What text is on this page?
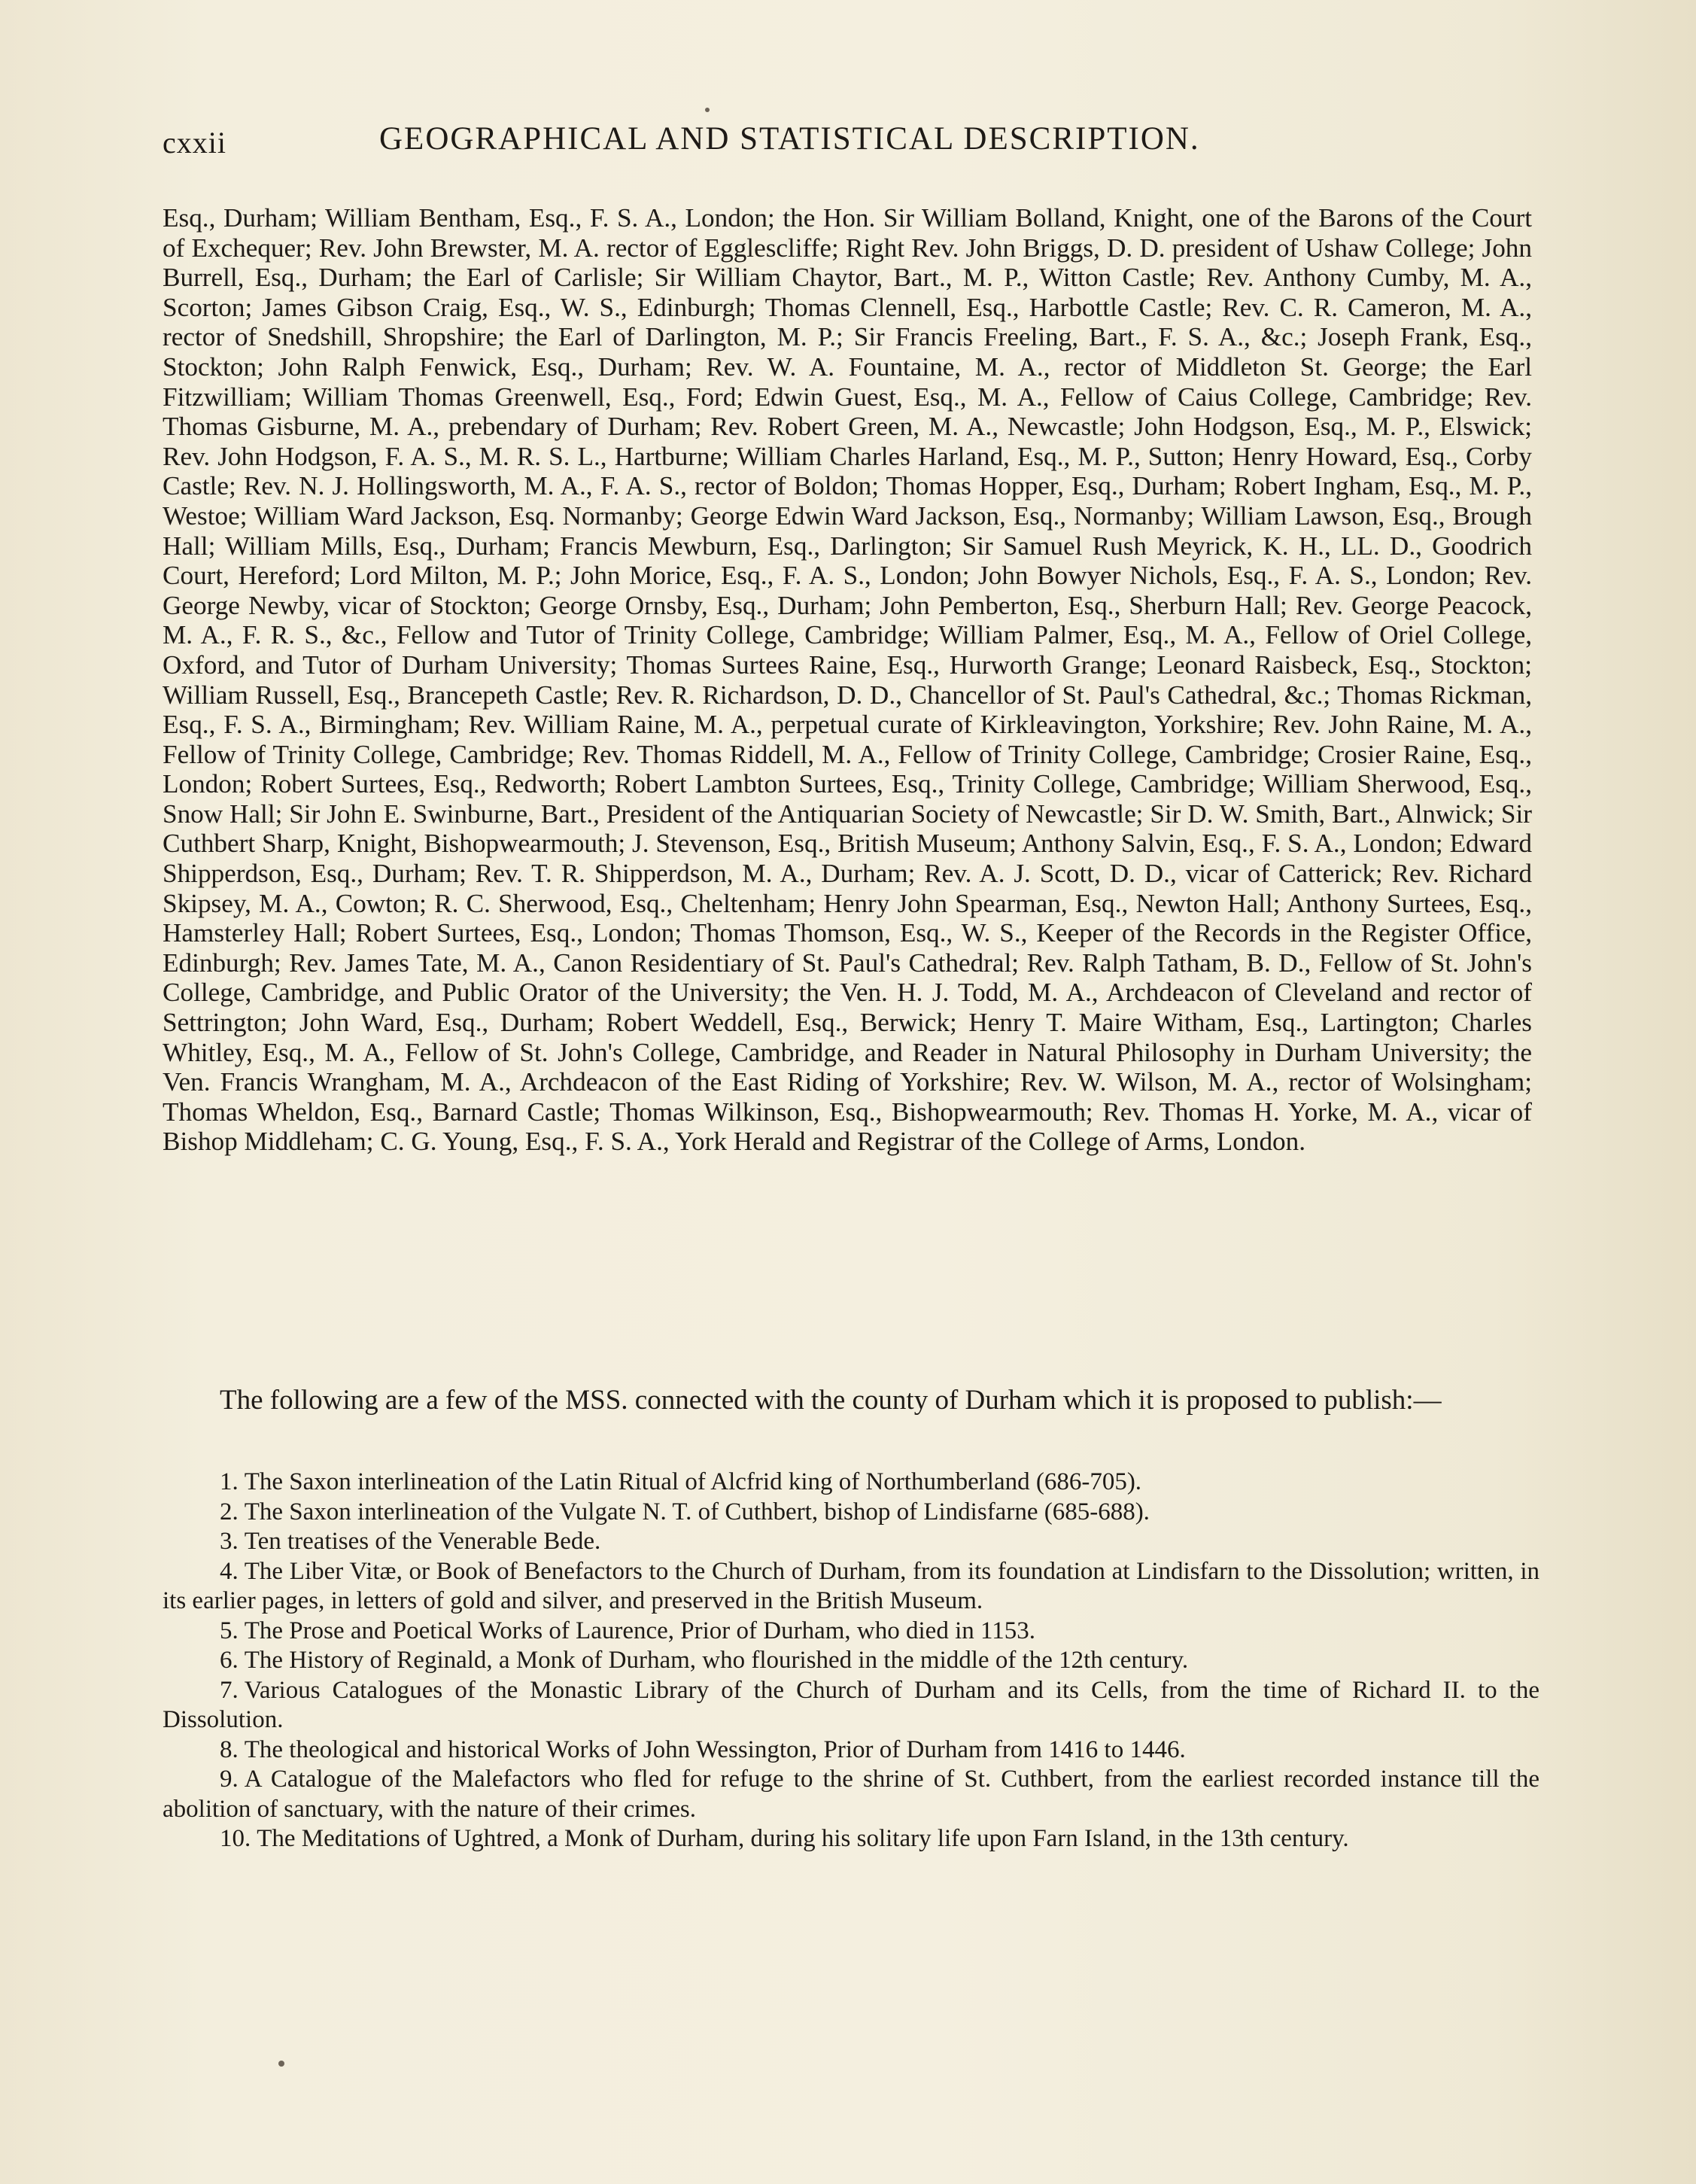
cxxii	GEOGRAPHICAL AND STATISTICAL DESCRIPTION.

Esq., Durham; William Bentham, Esq., F. S. A., London; the Hon. Sir William Bolland, Knight, one of the Barons of the Court of Exchequer; Rev. John Brewster, M. A. rector of Egglescliffe; Right Rev. John Briggs, D. D. president of Ushaw College; John Burrell, Esq., Durham; the Earl of Carlisle; Sir William Chaytor, Bart., M. P., Witton Castle; Rev. Anthony Cumby, M. A., Scorton; James Gibson Craig, Esq., W. S., Edinburgh; Thomas Clennell, Esq., Harbottle Castle; Rev. C. R. Cameron, M. A., rector of Snedshill, Shropshire; the Earl of Darlington, M. P.; Sir Francis Freeling, Bart., F. S. A., &c.; Joseph Frank, Esq., Stockton; John Ralph Fenwick, Esq., Durham; Rev. W. A. Fountaine, M. A., rector of Middleton St. George; the Earl Fitzwilliam; William Thomas Greenwell, Esq., Ford; Edwin Guest, Esq., M. A., Fellow of Caius College, Cambridge; Rev. Thomas Gisburne, M. A., prebendary of Durham; Rev. Robert Green, M. A., Newcastle; John Hodgson, Esq., M. P., Elswick; Rev. John Hodgson, F. A. S., M. R. S. L., Hartburne; William Charles Harland, Esq., M. P., Sutton; Henry Howard, Esq., Corby Castle; Rev. N. J. Hollingsworth, M. A., F. A. S., rector of Boldon; Thomas Hopper, Esq., Durham; Robert Ingham, Esq., M. P., Westoe; William Ward Jackson, Esq. Normanby; George Edwin Ward Jackson, Esq., Normanby; William Lawson, Esq., Brough Hall; William Mills, Esq., Durham; Francis Mewburn, Esq., Darlington; Sir Samuel Rush Meyrick, K. H., LL. D., Goodrich Court, Hereford; Lord Milton, M. P.; John Morice, Esq., F. A. S., London; John Bowyer Nichols, Esq., F. A. S., London; Rev. George Newby, vicar of Stockton; George Ornsby, Esq., Durham; John Pemberton, Esq., Sherburn Hall; Rev. George Peacock, M. A., F. R. S., &c., Fellow and Tutor of Trinity College, Cambridge; William Palmer, Esq., M. A., Fellow of Oriel College, Oxford, and Tutor of Durham University; Thomas Surtees Raine, Esq., Hurworth Grange; Leonard Raisbeck, Esq., Stockton; William Russell, Esq., Brancepeth Castle; Rev. R. Richardson, D. D., Chancellor of St. Paul's Cathedral, &c.; Thomas Rickman, Esq., F. S. A., Birmingham; Rev. William Raine, M. A., perpetual curate of Kirkleavington, Yorkshire; Rev. John Raine, M. A., Fellow of Trinity College, Cambridge; Rev. Thomas Riddell, M. A., Fellow of Trinity College, Cambridge; Crosier Raine, Esq., London; Robert Surtees, Esq., Redworth; Robert Lambton Surtees, Esq., Trinity College, Cambridge; William Sherwood, Esq., Snow Hall; Sir John E. Swinburne, Bart., President of the Antiquarian Society of Newcastle; Sir D. W. Smith, Bart., Alnwick; Sir Cuthbert Sharp, Knight, Bishopwearmouth; J. Stevenson, Esq., British Museum; Anthony Salvin, Esq., F. S. A., London; Edward Shipperdson, Esq., Durham; Rev. T. R. Shipperdson, M. A., Durham; Rev. A. J. Scott, D. D., vicar of Catterick; Rev. Richard Skipsey, M. A., Cowton; R. C. Sherwood, Esq., Cheltenham; Henry John Spearman, Esq., Newton Hall; Anthony Surtees, Esq., Hamsterley Hall; Robert Surtees, Esq., London; Thomas Thomson, Esq., W. S., Keeper of the Records in the Register Office, Edinburgh; Rev. James Tate, M. A., Canon Residentiary of St. Paul's Cathedral; Rev. Ralph Tatham, B. D., Fellow of St. John's College, Cambridge, and Public Orator of the University; the Ven. H. J. Todd, M. A., Archdeacon of Cleveland and rector of Settrington; John Ward, Esq., Durham; Robert Weddell, Esq., Berwick; Henry T. Maire Witham, Esq., Lartington; Charles Whitley, Esq., M. A., Fellow of St. John's College, Cambridge, and Reader in Natural Philosophy in Durham University; the Ven. Francis Wrangham, M. A., Archdeacon of the East Riding of Yorkshire; Rev. W. Wilson, M. A., rector of Wolsingham; Thomas Wheldon, Esq., Barnard Castle; Thomas Wilkinson, Esq., Bishopwearmouth; Rev. Thomas H. Yorke, M. A., vicar of Bishop Middleham; C. G. Young, Esq., F. S. A., York Herald and Registrar of the College of Arms, London.

The following are a few of the MSS. connected with the county of Durham which it is proposed to publish:—

1. The Saxon interlineation of the Latin Ritual of Alcfrid king of Northumberland (686-705).
2. The Saxon interlineation of the Vulgate N. T. of Cuthbert, bishop of Lindisfarne (685-688).
3. Ten treatises of the Venerable Bede.
4. The Liber Vitæ, or Book of Benefactors to the Church of Durham, from its foundation at Lindisfarn to the Dissolution; written, in its earlier pages, in letters of gold and silver, and preserved in the British Museum.
5. The Prose and Poetical Works of Laurence, Prior of Durham, who died in 1153.
6. The History of Reginald, a Monk of Durham, who flourished in the middle of the 12th century.
7. Various Catalogues of the Monastic Library of the Church of Durham and its Cells, from the time of Richard II. to the Dissolution.
8. The theological and historical Works of John Wessington, Prior of Durham from 1416 to 1446.
9. A Catalogue of the Malefactors who fled for refuge to the shrine of St. Cuthbert, from the earliest recorded instance till the abolition of sanctuary, with the nature of their crimes.
10. The Meditations of Ughtred, a Monk of Durham, during his solitary life upon Farn Island, in the 13th century.
